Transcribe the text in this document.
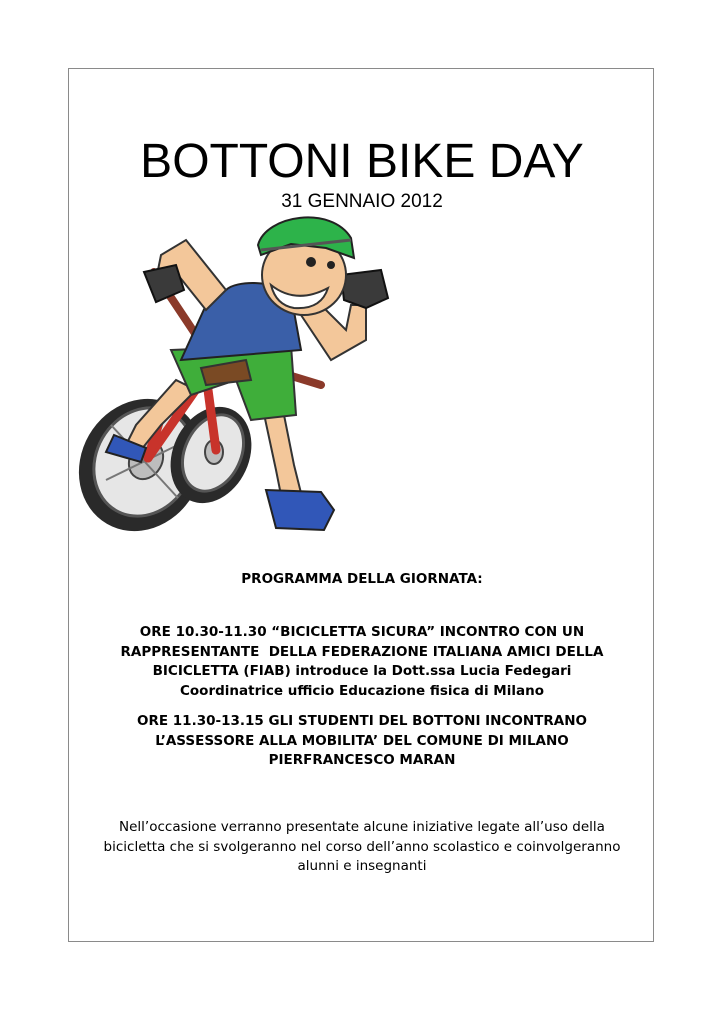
BOTTONI BIKE DAY

31 GENNAIO 2012

PROGRAMMA DELLA GIORNATA:

ORE 10.30-11.30 “BICICLETTA SICURA” INCONTRO CON UN
RAPPRESENTANTE  DELLA FEDERAZIONE ITALIANA AMICI DELLA
BICICLETTA (FIAB) introduce la Dott.ssa Lucia Fedegari
Coordinatrice ufficio Educazione fisica di Milano
ORE 11.30-13.15 GLI STUDENTI DEL BOTTONI INCONTRANO
L’ASSESSORE ALLA MOBILITA’ DEL COMUNE DI MILANO
PIERFRANCESCO MARAN
Nell’occasione verranno presentate alcune iniziative legate all’uso della
bicicletta che si svolgeranno nel corso dell’anno scolastico e coinvolgeranno
alunni e insegnanti
